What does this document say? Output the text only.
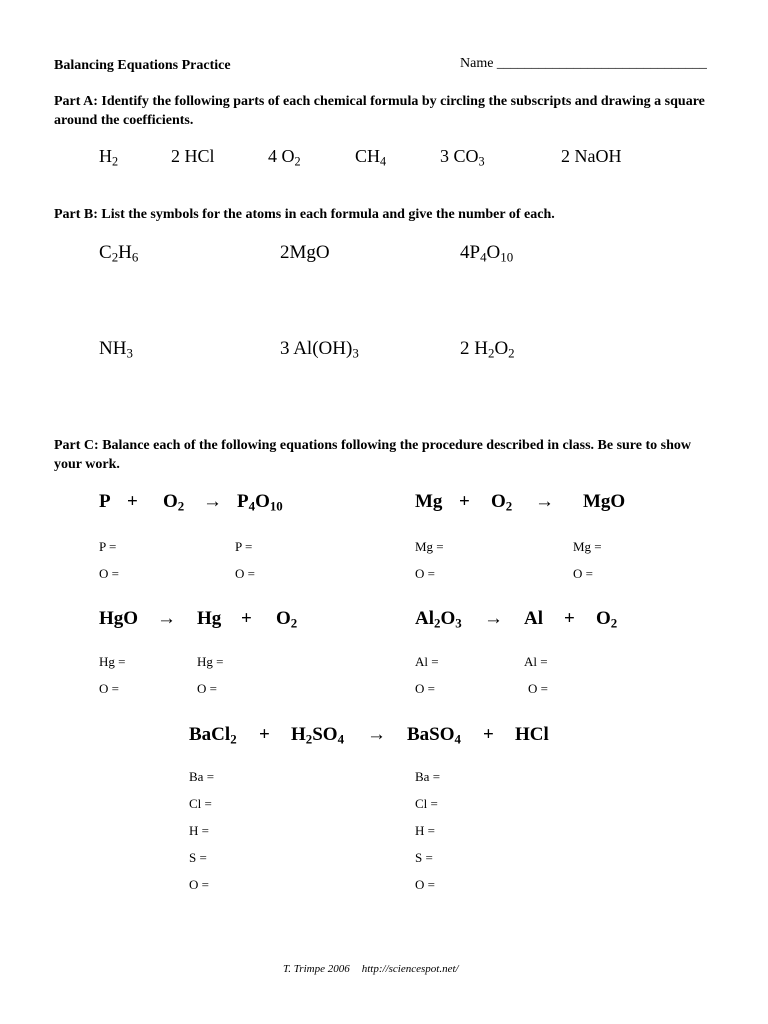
Balancing Equations Practice	Name ______________________________
Part A: Identify the following parts of each chemical formula by circling the subscripts and drawing a square around the coefficients.
$H_2$	2 HCl	4 $O_2$	$CH_4$	3 $CO_3$	2 NaOH
Part B: List the symbols for the atoms in each formula and give the number of each.
$C_2H_6$	2MgO	$4P_4O_{10}$
$NH_3$	3 $Al(OH)_3$	2 $H_2O_2$
Part C: Balance each of the following equations following the procedure described in class. Be sure to show your work.
$P + O_2 \to P_4O_{10}$
P =
O =
P =
O =
$Mg + O_2$ → MgO
Mg =
O =
Mg =
O =
HgO → $Hg + O_2$
Hg =
O =
Hg =
O =
$Al_2O_3 \to Al + O_2$
Al =
O =
Al =
O =
BaCl$_2$ + $H_2SO_4$ → BaSO$_4$ + HCl
Ba =
Cl =
H =
S =
O =
Ba =
Cl =
H =
S =
O =
T. Trimpe 2006 http://sciencespot.net/
